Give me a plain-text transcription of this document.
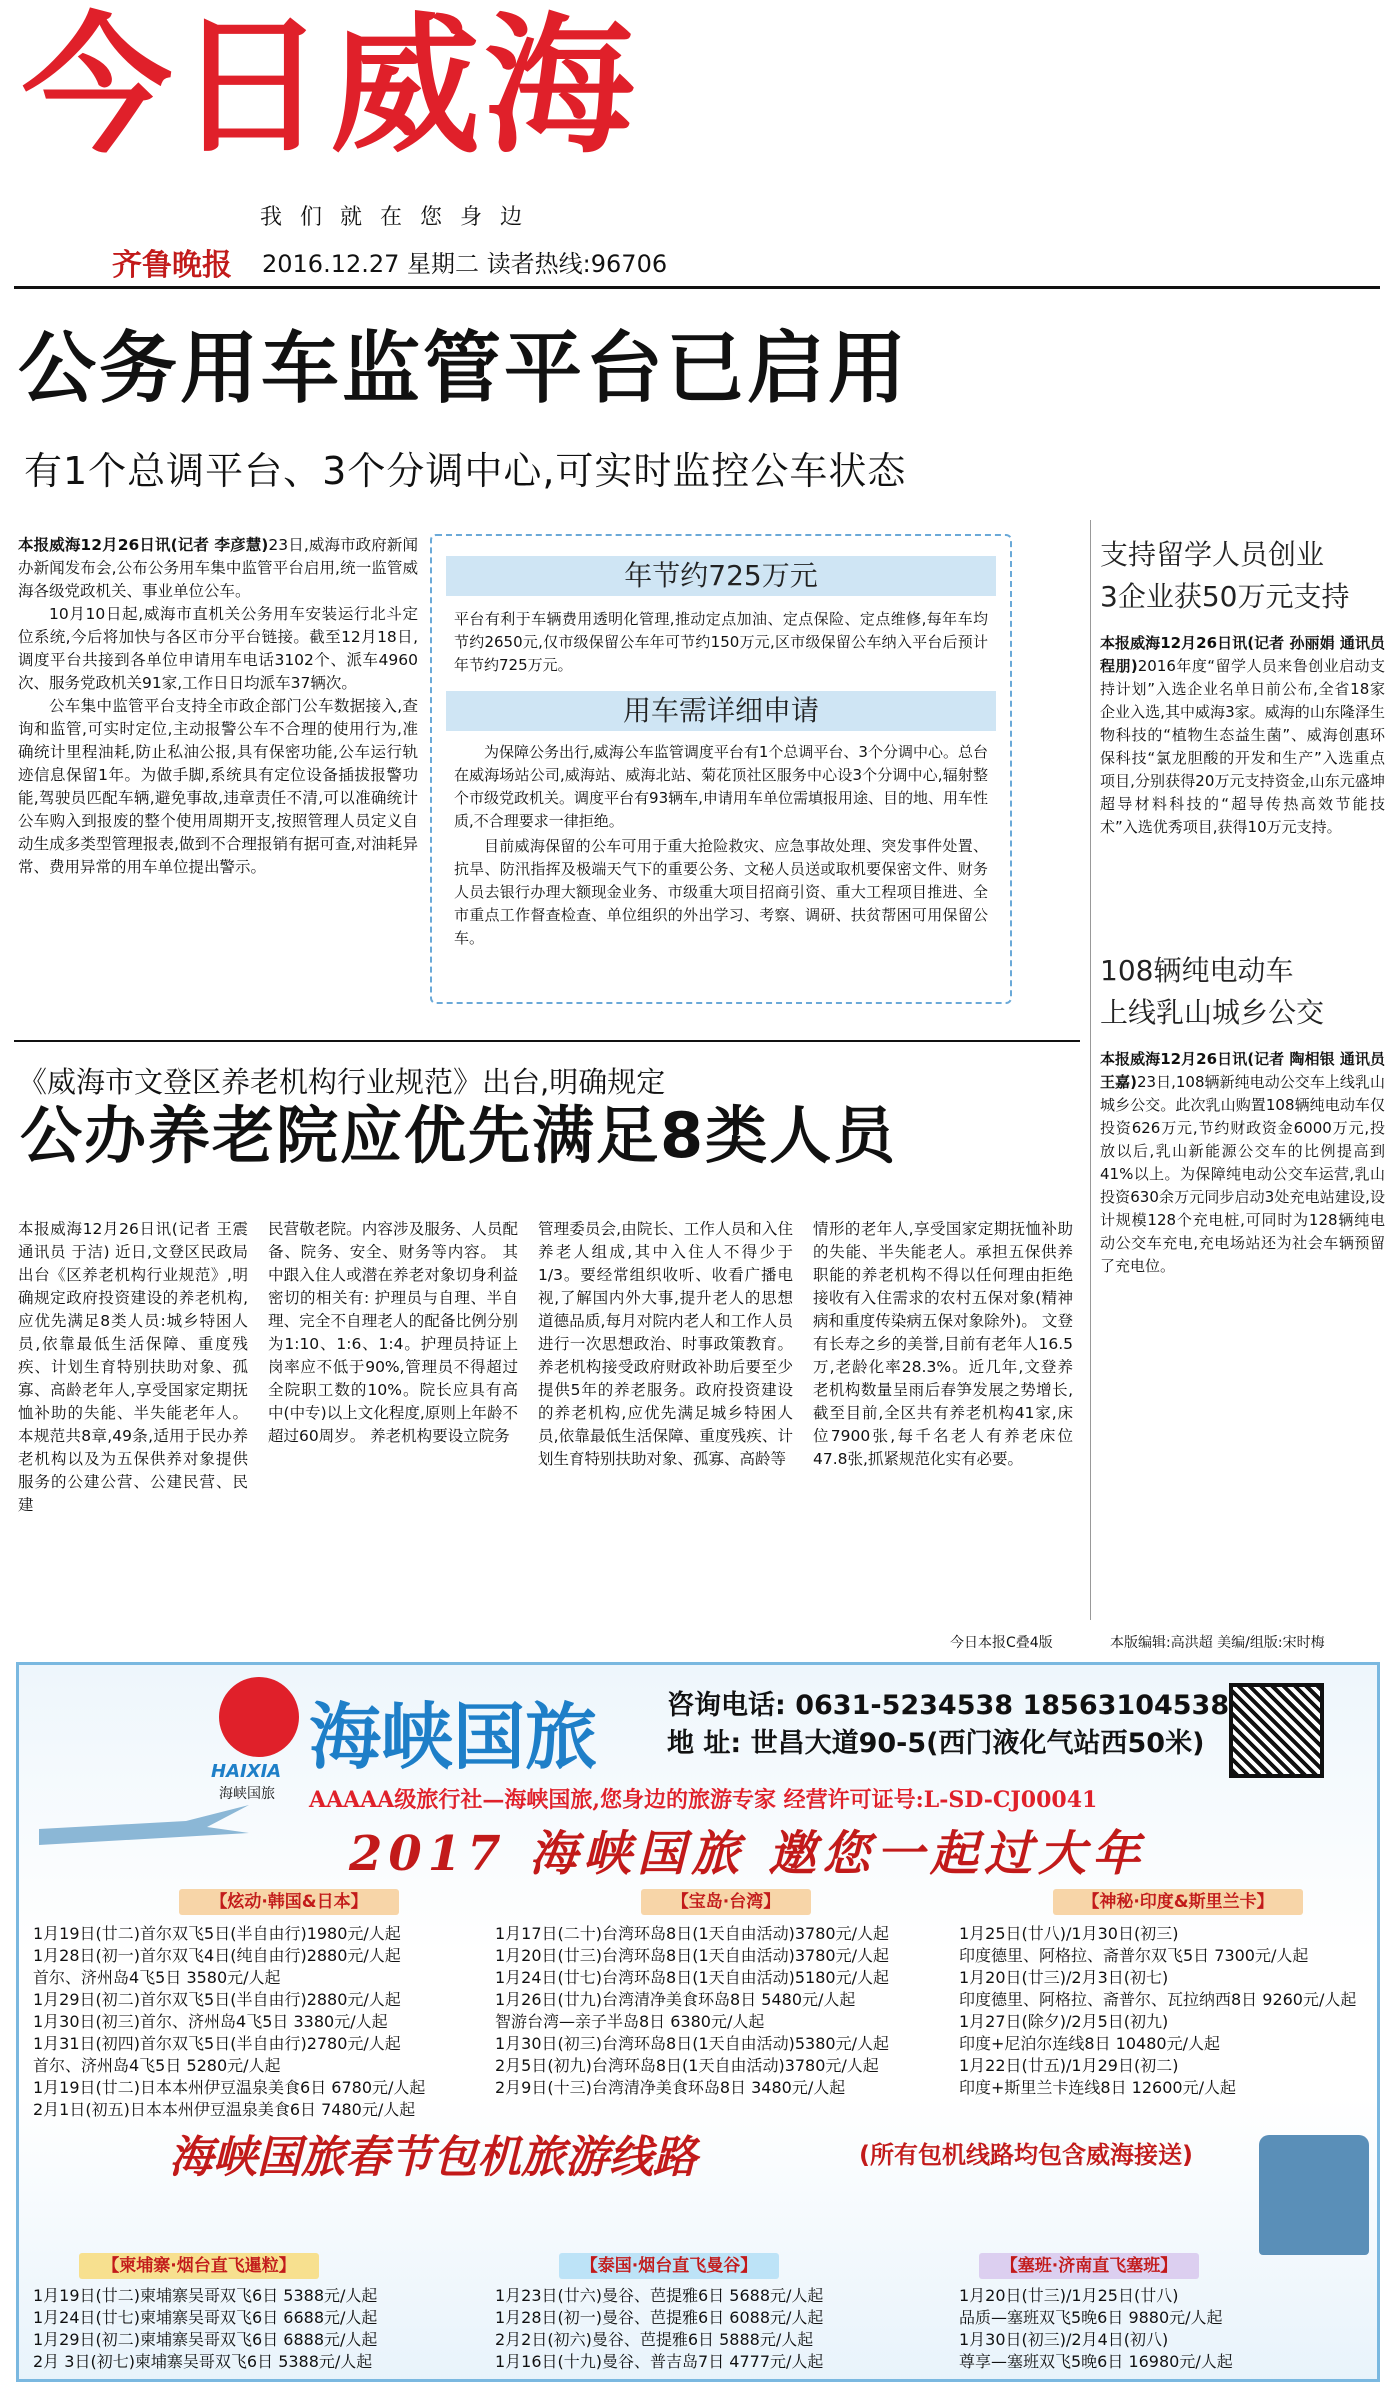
今日威海
我们就在您身边
齐鲁晚报 2016.12.27 星期二 读者热线:96706
公务用车监管平台已启用
有1个总调平台、3个分调中心,可实时监控公车状态

本报威海12月26日讯(记者 李彦慧)23日,威海市政府新闻办新闻发布会,公布公务用车集中监管平台启用,统一监管威海各级党政机关、事业单位公车。

10月10日起,威海市直机关公务用车安装运行北斗定位系统,今后将加快与各区市分平台链接。截至12月18日,调度平台共接到各单位申请用车电话3102个、派车4960次、服务党政机关91家,工作日日均派车37辆次。

公车集中监管平台支持全市政企部门公车数据接入,查询和监管,可实时定位,主动报警公车不合理的使用行为,准确统计里程油耗,防止私油公报,具有保密功能,公车运行轨迹信息保留1年。为做手脚,系统具有定位设备插拔报警功能,驾驶员匹配车辆,避免事故,违章责任不清,可以准确统计公车购入到报废的整个使用周期开支,按照管理人员定义自动生成多类型管理报表,做到不合理报销有据可查,对油耗异常、费用异常的用车单位提出警示。

年节约725万元
平台有利于车辆费用透明化管理,推动定点加油、定点保险、定点维修,每年车均节约2650元,仅市级保留公车年可节约150万元,区市级保留公车纳入平台后预计年节约725万元。
用车需详细申请
为保障公务出行,威海公车监管调度平台有1个总调平台、3个分调中心。总台在威海场站公司,威海站、威海北站、菊花顶社区服务中心设3个分调中心,辐射整个市级党政机关。调度平台有93辆车,申请用车单位需填报用途、目的地、用车性质,不合理要求一律拒绝。
目前威海保留的公车可用于重大抢险救灾、应急事故处理、突发事件处置、抗旱、防汛指挥及极端天气下的重要公务、文秘人员送或取机要保密文件、财务人员去银行办理大额现金业务、市级重大项目招商引资、重大工程项目推进、全市重点工作督查检查、单位组织的外出学习、考察、调研、扶贫帮困可用保留公车。
支持留学人员创业
3企业获50万元支持
本报威海12月26日讯(记者 孙丽娟 通讯员 程朋)2016年度“留学人员来鲁创业启动支持计划”入选企业名单日前公布,全省18家企业入选,其中威海3家。威海的山东隆泽生物科技的“植物生态益生菌”、威海创惠环保科技“氯龙胆酸的开发和生产”入选重点项目,分别获得20万元支持资金,山东元盛坤超导材料科技的“超导传热高效节能技术”入选优秀项目,获得10万元支持。
108辆纯电动车
上线乳山城乡公交
本报威海12月26日讯(记者 陶相银 通讯员 王嘉)23日,108辆新纯电动公交车上线乳山城乡公交。此次乳山购置108辆纯电动车仅投资626万元,节约财政资金6000万元,投放以后,乳山新能源公交车的比例提高到41%以上。为保障纯电动公交车运营,乳山投资630余万元同步启动3处充电站建设,设计规模128个充电桩,可同时为128辆纯电动公交车充电,充电场站还为社会车辆预留了充电位。
《威海市文登区养老机构行业规范》出台,明确规定
公办养老院应优先满足8类人员
本报威海12月26日讯(记者 王震 通讯员 于洁) 近日,文登区民政局出台《区养老机构行业规范》,明确规定政府投资建设的养老机构,应优先满足8类人员:城乡特困人员,依靠最低生活保障、重度残疾、计划生育特别扶助对象、孤寡、高龄老年人,享受国家定期抚恤补助的失能、半失能老年人。 本规范共8章,49条,适用于民办养老机构以及为五保供养对象提供服务的公建公营、公建民营、民建
民营敬老院。内容涉及服务、人员配备、院务、安全、财务等内容。 其中跟入住人或潜在养老对象切身利益密切的相关有: 护理员与自理、半自理、完全不自理老人的配备比例分别为1:10、1:6、1:4。护理员持证上岗率应不低于90%,管理员不得超过全院职工数的10%。院长应具有高中(中专)以上文化程度,原则上年龄不超过60周岁。 养老机构要设立院务
管理委员会,由院长、工作人员和入住养老人组成,其中入住人不得少于1/3。要经常组织收听、收看广播电视,了解国内外大事,提升老人的思想道德品质,每月对院内老人和工作人员进行一次思想政治、时事政策教育。 养老机构接受政府财政补助后要至少提供5年的养老服务。政府投资建设的养老机构,应优先满足城乡特困人员,依靠最低生活保障、重度残疾、计划生育特别扶助对象、孤寡、高龄等
情形的老年人,享受国家定期抚恤补助的失能、半失能老人。承担五保供养职能的养老机构不得以任何理由拒绝接收有入住需求的农村五保对象(精神病和重度传染病五保对象除外)。 文登有长寿之乡的美誉,目前有老年人16.5万,老龄化率28.3%。近几年,文登养老机构数量呈雨后春笋发展之势增长,截至目前,全区共有养老机构41家,床位7900张,每千名老人有养老床位47.8张,抓紧规范化实有必要。
今日本报C叠4版	本版编辑:高洪超 美编/组版:宋时梅
HAIXIA
海峡国旅
海峡国旅	咨询电话: 0631-5234538 18563104538
地 址: 世昌大道90-5(西门液化气站西50米)
AAAAA级旅行社—海峡国旅,您身边的旅游专家 经营许可证号:L-SD-CJ00041
2017 海峡国旅 邀您一起过大年
【炫动·韩国&日本】	【宝岛·台湾】	【神秘·印度&斯里兰卡】
1月19日(廿二)首尔双飞5日(半自由行)1980元/人起
1月28日(初一)首尔双飞4日(纯自由行)2880元/人起
首尔、济州岛4飞5日 3580元/人起
1月29日(初二)首尔双飞5日(半自由行)2880元/人起
1月30日(初三)首尔、济州岛4飞5日 3380元/人起
1月31日(初四)首尔双飞5日(半自由行)2780元/人起
首尔、济州岛4飞5日 5280元/人起
1月19日(廿二)日本本州伊豆温泉美食6日 6780元/人起
2月1日(初五)日本本州伊豆温泉美食6日 7480元/人起
1月17日(二十)台湾环岛8日(1天自由活动)3780元/人起
1月20日(廿三)台湾环岛8日(1天自由活动)3780元/人起
1月24日(廿七)台湾环岛8日(1天自由活动)5180元/人起
1月26日(廿九)台湾清净美食环岛8日 5480元/人起
智游台湾—亲子半岛8日 6380元/人起
1月30日(初三)台湾环岛8日(1天自由活动)5380元/人起
2月5日(初九)台湾环岛8日(1天自由活动)3780元/人起
2月9日(十三)台湾清净美食环岛8日 3480元/人起
1月25日(廿八)/1月30日(初三)
印度德里、阿格拉、斋普尔双飞5日 7300元/人起
1月20日(廿三)/2月3日(初七)
印度德里、阿格拉、斋普尔、瓦拉纳西8日 9260元/人起
1月27日(除夕)/2月5日(初九)
印度+尼泊尔连线8日 10480元/人起
1月22日(廿五)/1月29日(初二)
印度+斯里兰卡连线8日 12600元/人起
海峡国旅春节包机旅游线路	(所有包机线路均包含威海接送)
【柬埔寨·烟台直飞暹粒】	【泰国·烟台直飞曼谷】	【塞班·济南直飞塞班】
1月19日(廿二)柬埔寨吴哥双飞6日 5388元/人起
1月24日(廿七)柬埔寨吴哥双飞6日 6688元/人起
1月29日(初二)柬埔寨吴哥双飞6日 6888元/人起
2月 3日(初七)柬埔寨吴哥双飞6日 5388元/人起
1月23日(廿六)曼谷、芭提雅6日 5688元/人起
1月28日(初一)曼谷、芭提雅6日 6088元/人起
2月2日(初六)曼谷、芭提雅6日 5888元/人起
1月16日(十九)曼谷、普吉岛7日 4777元/人起
1月20日(廿三)/1月25日(廿八)
品质—塞班双飞5晚6日 9880元/人起
1月30日(初三)/2月4日(初八)
尊享—塞班双飞5晚6日 16980元/人起
